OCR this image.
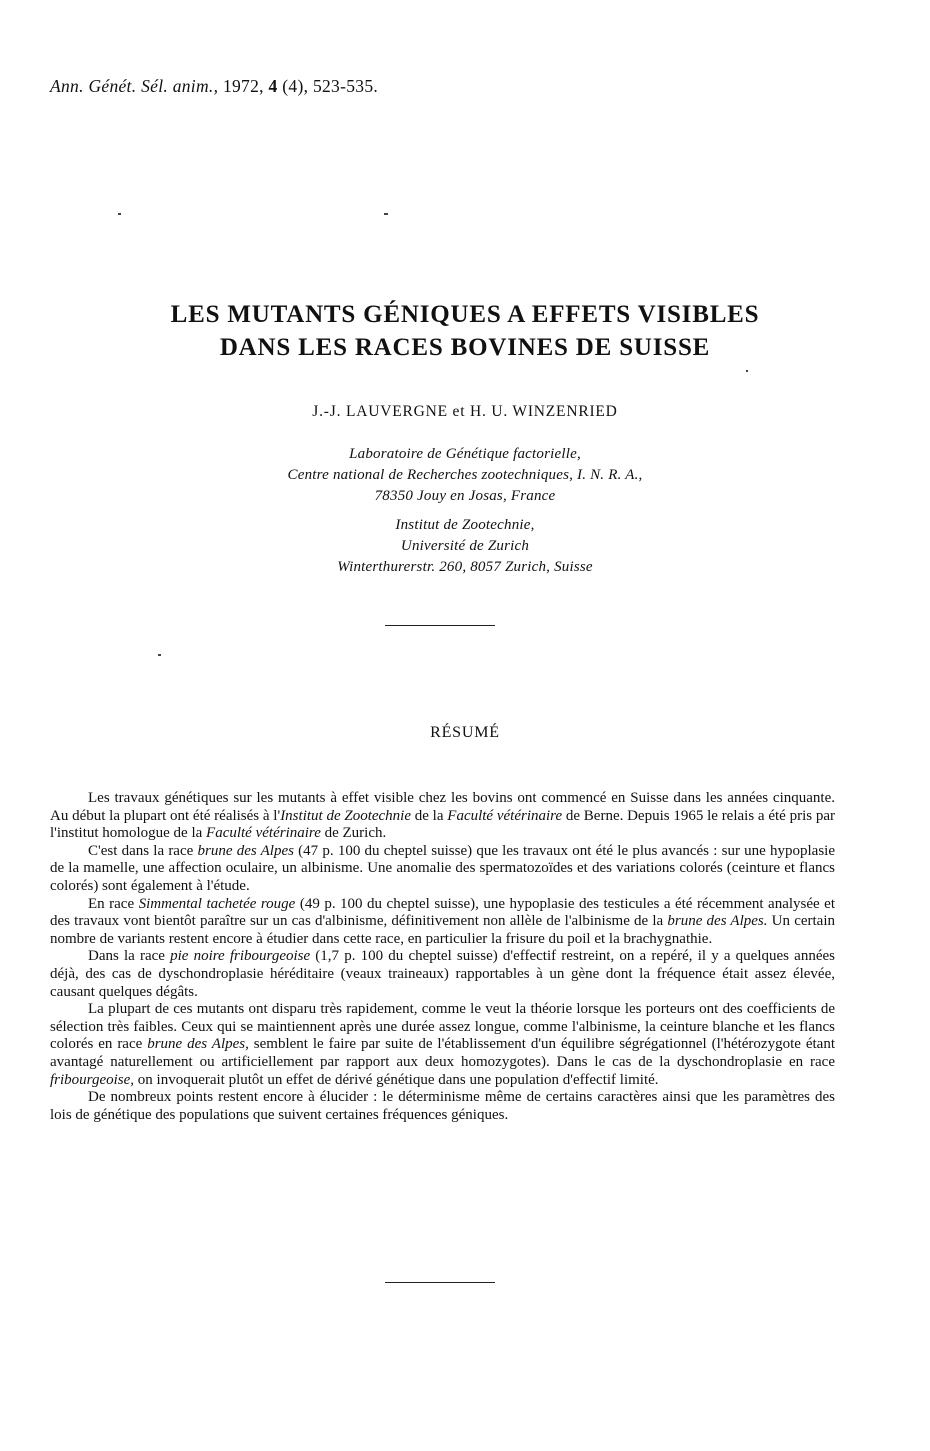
Ann. Génét. Sél. anim., 1972, 4 (4), 523-535.
LES MUTANTS GÉNIQUES A EFFETS VISIBLES
DANS LES RACES BOVINES DE SUISSE
J.-J. LAUVERGNE et H. U. WINZENRIED
Laboratoire de Génétique factorielle,
Centre national de Recherches zootechniques, I. N. R. A.,
78350 Jouy en Josas, France
Institut de Zootechnie,
Université de Zurich
Winterthurerstr. 260, 8057 Zurich, Suisse
RÉSUMÉ

Les travaux génétiques sur les mutants à effet visible chez les bovins ont commencé en Suisse dans les années cinquante. Au début la plupart ont été réalisés à l'Institut de Zootechnie de la Faculté vétérinaire de Berne. Depuis 1965 le relais a été pris par l'institut homologue de la Faculté vétérinaire de Zurich.

C'est dans la race brune des Alpes (47 p. 100 du cheptel suisse) que les travaux ont été le plus avancés : sur une hypoplasie de la mamelle, une affection oculaire, un albinisme. Une anomalie des spermatozoïdes et des variations colorés (ceinture et flancs colorés) sont également à l'étude.

En race Simmental tachetée rouge (49 p. 100 du cheptel suisse), une hypoplasie des testicules a été récemment analysée et des travaux vont bientôt paraître sur un cas d'albinisme, définitivement non allèle de l'albinisme de la brune des Alpes. Un certain nombre de variants restent encore à étudier dans cette race, en particulier la frisure du poil et la brachygnathie.

Dans la race pie noire fribourgeoise (1,7 p. 100 du cheptel suisse) d'effectif restreint, on a repéré, il y a quelques années déjà, des cas de dyschondroplasie héréditaire (veaux traineaux) rapportables à un gène dont la fréquence était assez élevée, causant quelques dégâts.

La plupart de ces mutants ont disparu très rapidement, comme le veut la théorie lorsque les porteurs ont des coefficients de sélection très faibles. Ceux qui se maintiennent après une durée assez longue, comme l'albinisme, la ceinture blanche et les flancs colorés en race brune des Alpes, semblent le faire par suite de l'établissement d'un équilibre ségrégationnel (l'hétérozygote étant avantagé naturellement ou artificiellement par rapport aux deux homozygotes). Dans le cas de la dyschondroplasie en race fribourgeoise, on invoquerait plutôt un effet de dérivé génétique dans une population d'effectif limité.

De nombreux points restent encore à élucider : le déterminisme même de certains caractères ainsi que les paramètres des lois de génétique des populations que suivent certaines fréquences géniques.
